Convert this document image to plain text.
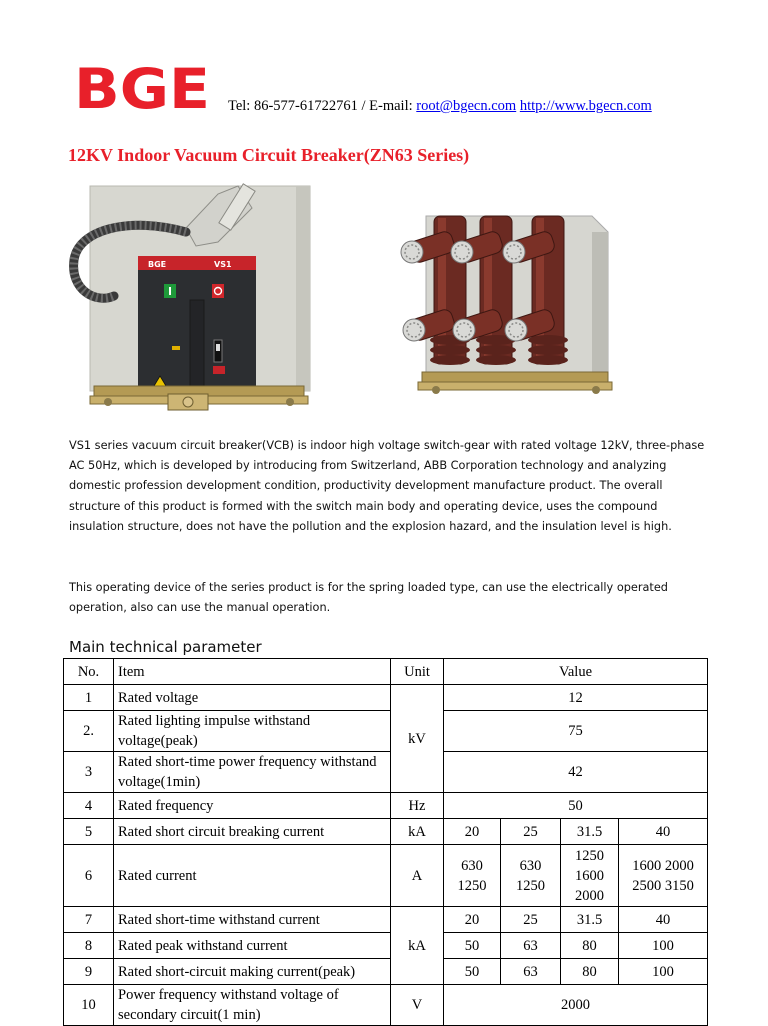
BGE Tel: 86-577-61722761 / E-mail: root@bgecn.com http://www.bgecn.com
12KV Indoor Vacuum Circuit Breaker(ZN63 Series)
BGE	VS1

VS1 series vacuum circuit breaker(VCB) is indoor high voltage switch-gear with rated voltage 12kV, three-phase AC 50Hz, which is developed by introducing from Switzerland, ABB Corporation technology and analyzing domestic profession development condition, productivity development manufacture product. The overall structure of this product is formed with the switch main body and operating device, uses the compound insulation structure, does not have the pollution and the explosion hazard, and the insulation level is high.

This operating device of the series product is for the spring loaded type, can use the electrically operated operation, also can use the manual operation.

Main technical parameter
No.	Item	Unit	Value			
1	Rated voltage	kV	12			
2.	Rated lighting impulse withstand voltage(peak)		75			
3	Rated short-time power frequency withstand voltage(1min)		42			
4	Rated frequency	Hz	50			
5	Rated short circuit breaking current	kA	20	25	31.5	40
6	Rated current	A	630 1250	630 1250	1250 1600 2000	1600 2000 2500 3150
7	Rated short-time withstand current	kA	20	25	31.5	40
8	Rated peak withstand current		50	63	80	100
9	Rated short-circuit making current(peak)		50	63	80	100
10	Power frequency withstand voltage of secondary circuit(1 min)	V	2000			
